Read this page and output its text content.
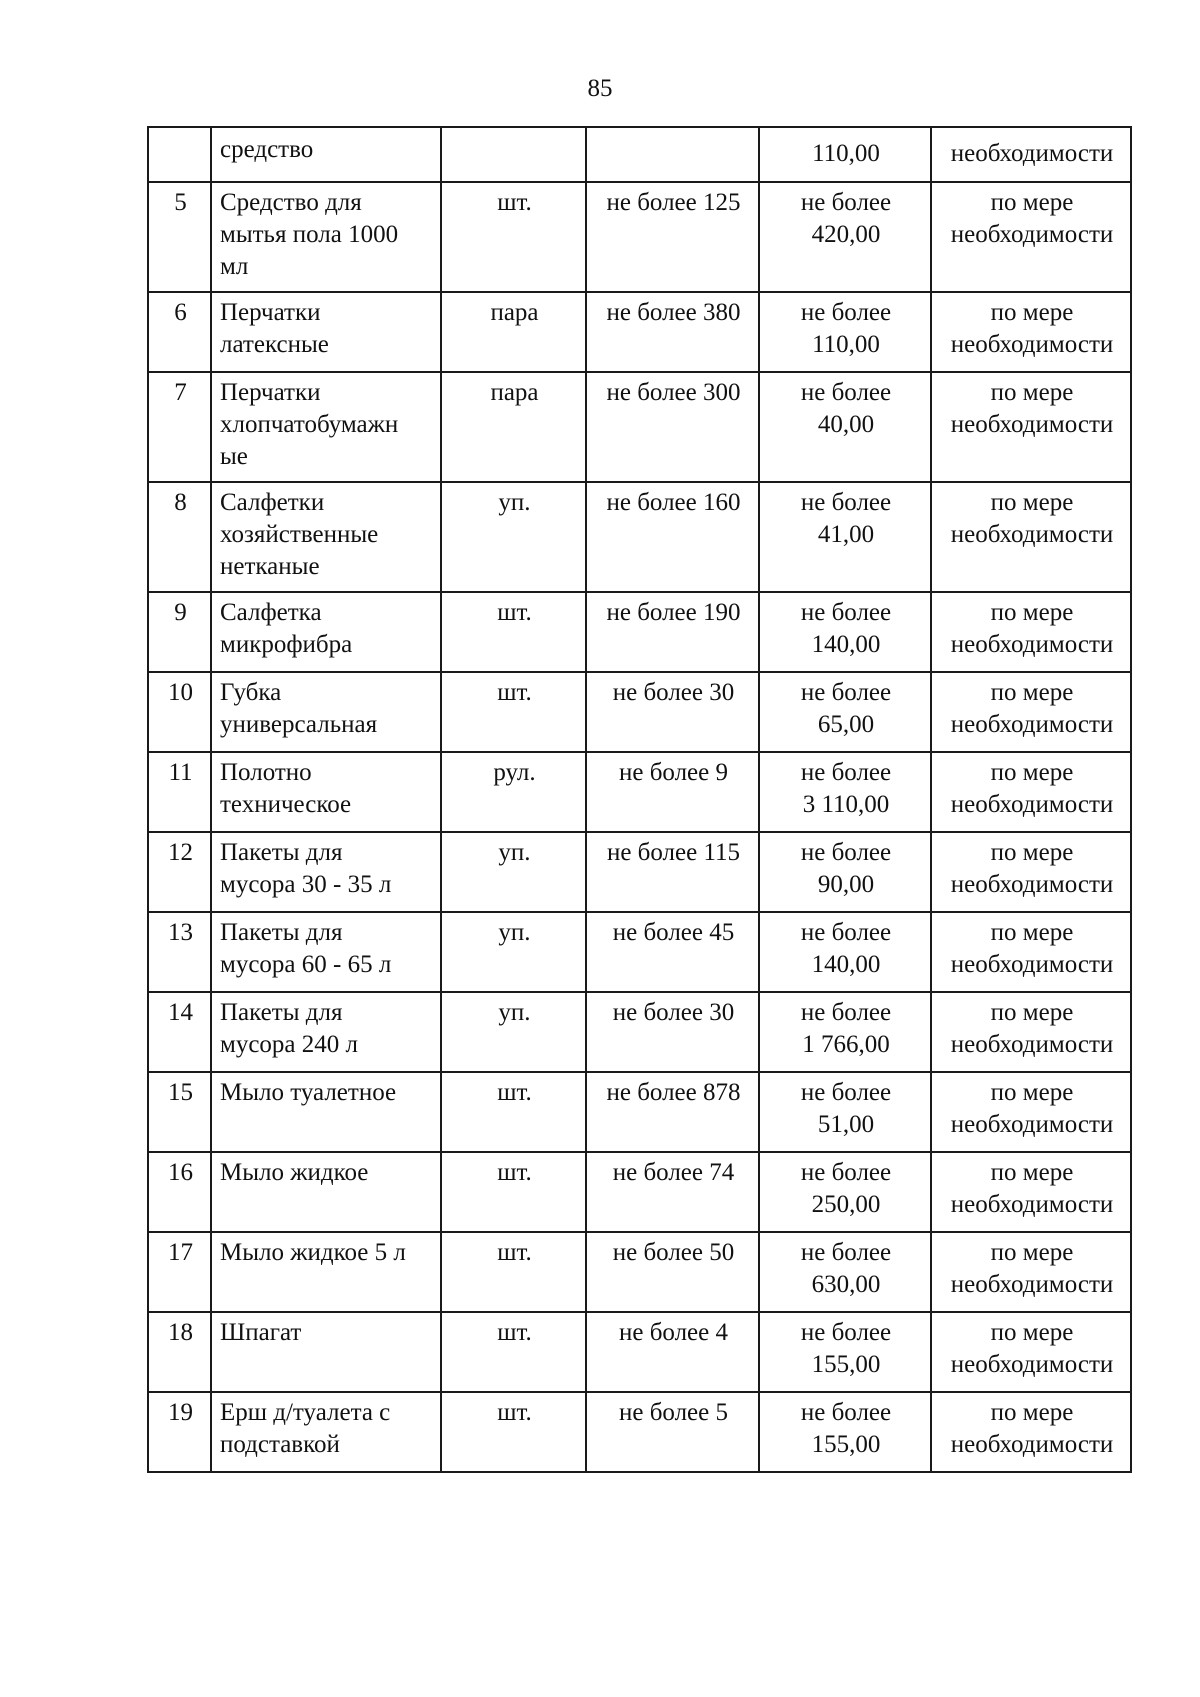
85

	средство			110,00	необходимости

5	Средство для
мытья пола 1000
мл	шт.	не более 125	не более
420,00	по мере
необходимости

6	Перчатки
латексные	пара	не более 380	не более
110,00	по мере
необходимости

7	Перчатки
хлопчатобумажн
ые	пара	не более 300	не более
40,00	по мере
необходимости

8	Салфетки
хозяйственные
нетканые	уп.	не более 160	не более
41,00	по мере
необходимости

9	Салфетка
микрофибра	шт.	не более 190	не более
140,00	по мере
необходимости

10	Губка
универсальная	шт.	не более 30	не более
65,00	по мере
необходимости

11	Полотно
техническое	рул.	не более 9	не более
3 110,00	по мере
необходимости

12	Пакеты для
мусора 30 - 35 л	уп.	не более 115	не более
90,00	по мере
необходимости

13	Пакеты для
мусора 60 - 65 л	уп.	не более 45	не более
140,00	по мере
необходимости

14	Пакеты для
мусора 240 л	уп.	не более 30	не более
1 766,00	по мере
необходимости

15	Мыло туалетное	шт.	не более 878	не более
51,00	по мере
необходимости

16	Мыло жидкое	шт.	не более 74	не более
250,00	по мере
необходимости

17	Мыло жидкое 5 л	шт.	не более 50	не более
630,00	по мере
необходимости

18	Шпагат	шт.	не более 4	не более
155,00	по мере
необходимости

19	Ерш д/туалета с
подставкой	шт.	не более 5	не более
155,00	по мере
необходимости
